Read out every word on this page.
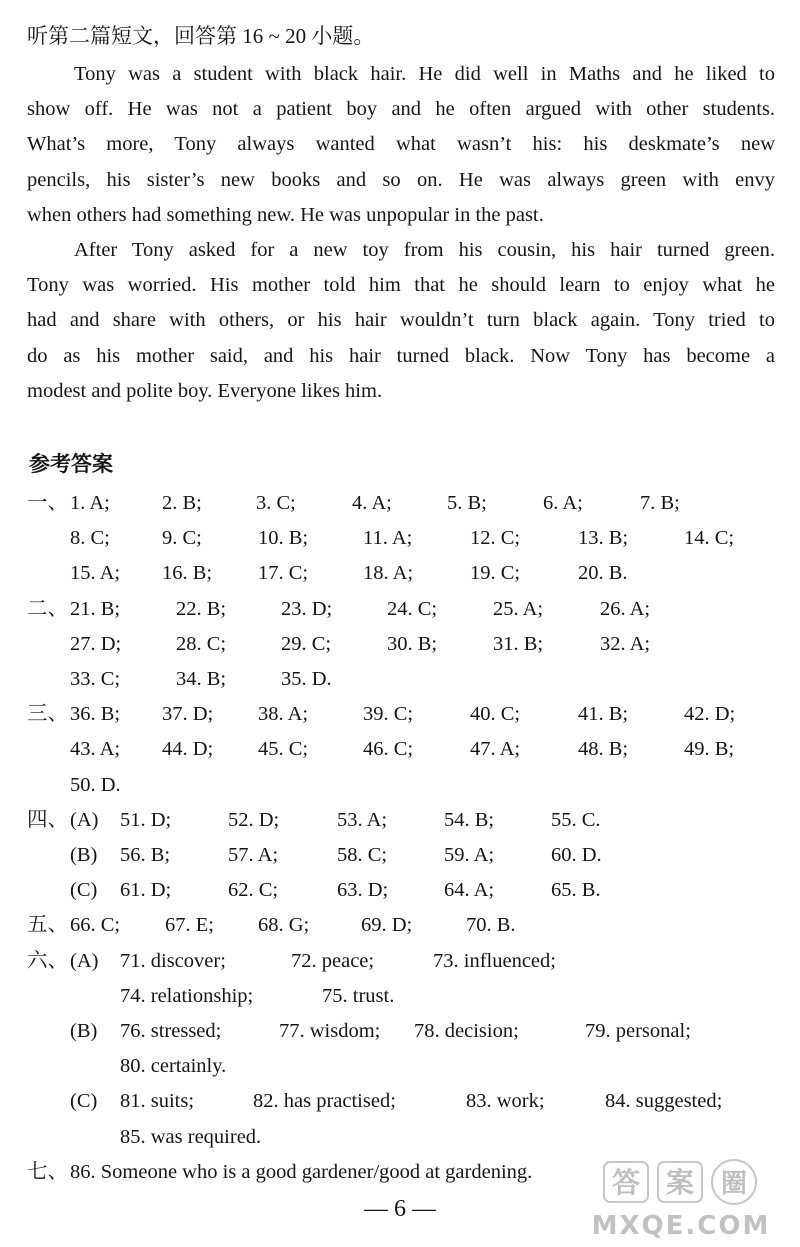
听第二篇短文，回答第 16 ~ 20 小题。

Tony was a student with black hair. He did well in Maths and he liked to

show off. He was not a patient boy and he often argued with other students.

What’s more, Tony always wanted what wasn’t his: his deskmate’s new

pencils, his sister’s new books and so on. He was always green with envy

when others had something new. He was unpopular in the past.

After Tony asked for a new toy from his cousin, his hair turned green.

Tony was worried. His mother told him that he should learn to enjoy what he

had and share with others, or his hair wouldn’t turn black again. Tony tried to

do as his mother said, and his hair turned black. Now Tony has become a

modest and polite boy. Everyone likes him.

参考答案
一、 1. A;	2. B;	3. C;	4. A;	5. B;	6. A;	7. B;
8. C;	9. C;	10. B;	11. A;	12. C;	13. B;	14. C;
15. A; 16. B; 17. C;	18. A;	19. C;	20. B.
二、 21. B;	22. B;	23. D;	24. C;	25. A;	26. A;
27. D;	28. C;	29. C;	30. B;	31. B;	32. A;
33. C;	34. B;	35. D.
三、 36. B; 37. D; 38. A;	39. C;	40. C;	41. B;	42. D;
43. A; 44. D; 45. C;	46. C;	47. A;	48. B;	49. B;
50. D.
四、 (A) 51. D;	52. D;	53. A;	54. B;	55. C.
(B) 56. B;	57. A;	58. C;	59. A;	60. D.
(C) 61. D;	62. C;	63. D;	64. A;	65. B.
五、 66. C; 67. E; 68. G;	69. D;	70. B.
六、 (A) 71. discover;	72. peace;	73. influenced;
74. relationship;	75. trust.
(B) 76. stressed;	77. wisdom; 78. decision;	79. personal;
80. certainly.
(C) 81. suits;	82. has practised;	83. work;	84. suggested;
85. was required.
七、 86. Someone who is a good gardener/good at gardening.
— 6 —
答 案 圈
MXQE.COM
